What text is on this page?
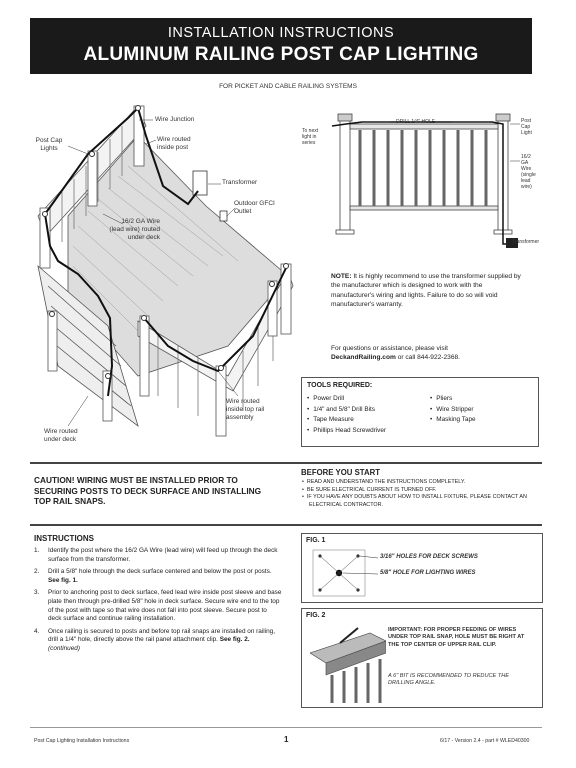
INSTALLATION INSTRUCTIONS
ALUMINUM RAILING POST CAP LIGHTING
FOR PICKET AND CABLE RAILING SYSTEMS
Post Cap
Lights
Wire Junction
Wire routed
inside post
Transformer
Outdoor GFCI
Outlet
16/2 GA Wire
(lead wire) routed
under deck
Wire routed
under deck
Wire routed
inside top rail
assembly
DRILL 1/4" HOLE
To next
light in
series
Post
Cap
Light
16/2
GA
Wire
(single
lead
wire)
Transformer
NOTE: It is highly recommend to use the transformer supplied by the manufacturer which is designed to work with the manufacturer's wiring and lights. Failure to do so will void manufacturer's warranty.
For questions or assistance, please visit
DeckandRailing.com or call 844-922-2368.
TOOLS REQUIRED:
• Power Drill
• 1/4" and 5/8" Drill Bits
• Tape Measure
• Phillips Head Screwdriver
• Pliers
• Wire Stripper
• Masking Tape
CAUTION! WIRING MUST BE INSTALLED PRIOR TO SECURING POSTS TO DECK SURFACE AND INSTALLING TOP RAIL SNAPS.
BEFORE YOU START
• READ AND UNDERSTAND THE INSTRUCTIONS COMPLETELY.
• BE SURE ELECTRICAL CURRENT IS TURNED OFF.
• IF YOU HAVE ANY DOUBTS ABOUT HOW TO INSTALL FIXTURE, PLEASE CONTACT AN ELECTRICAL CONTRACTOR.
INSTRUCTIONS
1. Identify the post where the 16/2 GA Wire (lead wire) will feed up through the deck surface from the transformer.
2. Drill a 5/8" hole through the deck surface centered and below the post or posts. See fig. 1.
3. Prior to anchoring post to deck surface, feed lead wire inside post sleeve and base plate then through pre-drilled 5/8" hole in deck surface. Secure wire end to the top of the post with tape so that wire does not fall into post sleeve. Secure post to deck surface and continue railing installation.
4. Once railing is secured to posts and before top rail snaps are installed on railing, drill a 1/4" hole, directly above the rail panel attachment clip. See fig. 2. (continued)
FIG. 1
3/16" HOLES FOR DECK SCREWS
5/8" HOLE FOR LIGHTING WIRES
FIG. 2
IMPORTANT: FOR PROPER FEEDING OF WIRES UNDER TOP RAIL SNAP, HOLE MUST BE RIGHT AT THE TOP CENTER OF UPPER RAIL CLIP.
A 6" BIT IS RECOMMENDED TO REDUCE THE DRILLING ANGLE.
Post Cap Lighting Installation Instructions	1	6/17 - Version 2.4 - part # WLED40300
